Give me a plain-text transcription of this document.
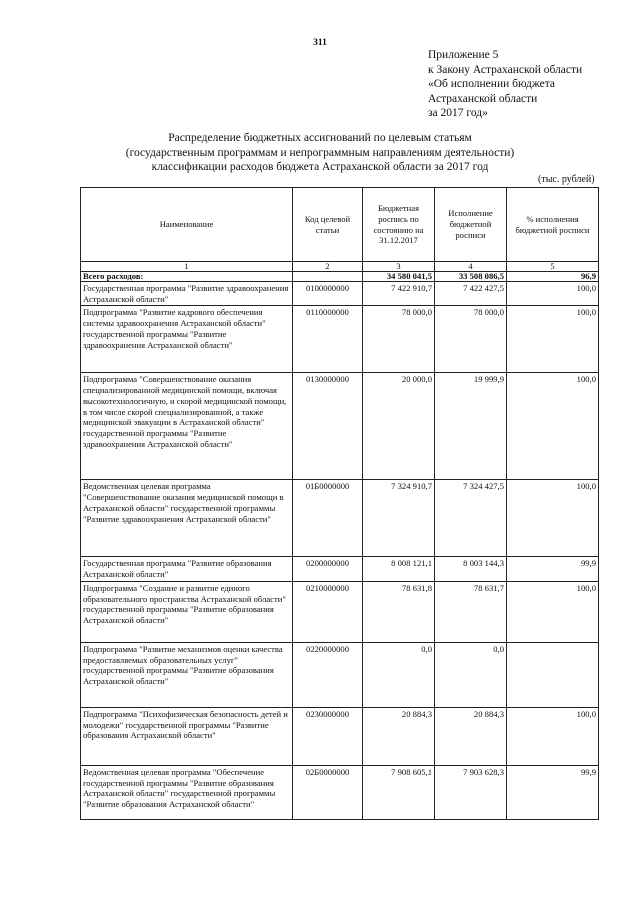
311
Приложение 5
к Закону Астраханской области
«Об исполнении бюджета
Астраханской области
за 2017 год»
Распределение бюджетных ассигнований по целевым статьям
(государственным программам и непрограммным направлениям деятельности)
классификации расходов бюджета Астраханской области за 2017 год
(тыс. рублей)
Наименование	Код целевой статьи	Бюджетная роспись по состоянию на 31.12.2017	Исполнение бюджетной росписи	% исполнения бюджетной росписи
1	2	3	4	5
Всего расходов:		34 580 041,5	33 508 086,5	96,9
Государственная программа "Развитие здравоохранения Астраханской области"	0100000000	7 422 910,7	7 422 427,5	100,0
Подпрограмма "Развитие кадрового обеспечения системы здравоохранения Астраханской области" государственной программы "Развитие здравоохранения Астраханской области"	0110000000	78 000,0	78 000,0	100,0
Подпрограмма "Совершенствование оказания специализированной медицинской помощи, включая высокотехнологичную, и скорой медицинской помощи, в том числе скорой специализированной, а также медицинской эвакуации в Астраханской области" государственной программы "Развитие здравоохранения Астраханской области"	0130000000	20 000,0	19 999,9	100,0
Ведомственная целевая программа "Совершенствование оказания медицинской помощи в Астраханской области" государственной программы "Развитие здравоохранения Астраханской области"	01Б0000000	7 324 910,7	7 324 427,5	100,0
Государственная программа "Развитие образования Астраханской области"	0200000000	8 008 121,1	8 003 144,3	99,9
Подпрограмма "Создание и развитие единого образовательного пространства Астраханской области" государственной программы "Развитие образования Астраханской области"	0210000000	78 631,8	78 631,7	100,0
Подпрограмма "Развитие механизмов оценки качества предоставляемых образовательных услуг" государственной программы "Развитие образования Астраханской области"	0220000000	0,0	0,0	
Подпрограмма "Психофизическая безопасность детей и молодежи" государственной программы "Развитие образования Астраханской области"	0230000000	20 884,3	20 884,3	100,0
Ведомственная целевая программа "Обеспечение государственной программы "Развитие образования Астраханской области" государственной программы "Развитие образования Астраханской области"	02Б0000000	7 908 605,1	7 903 628,3	99,9
